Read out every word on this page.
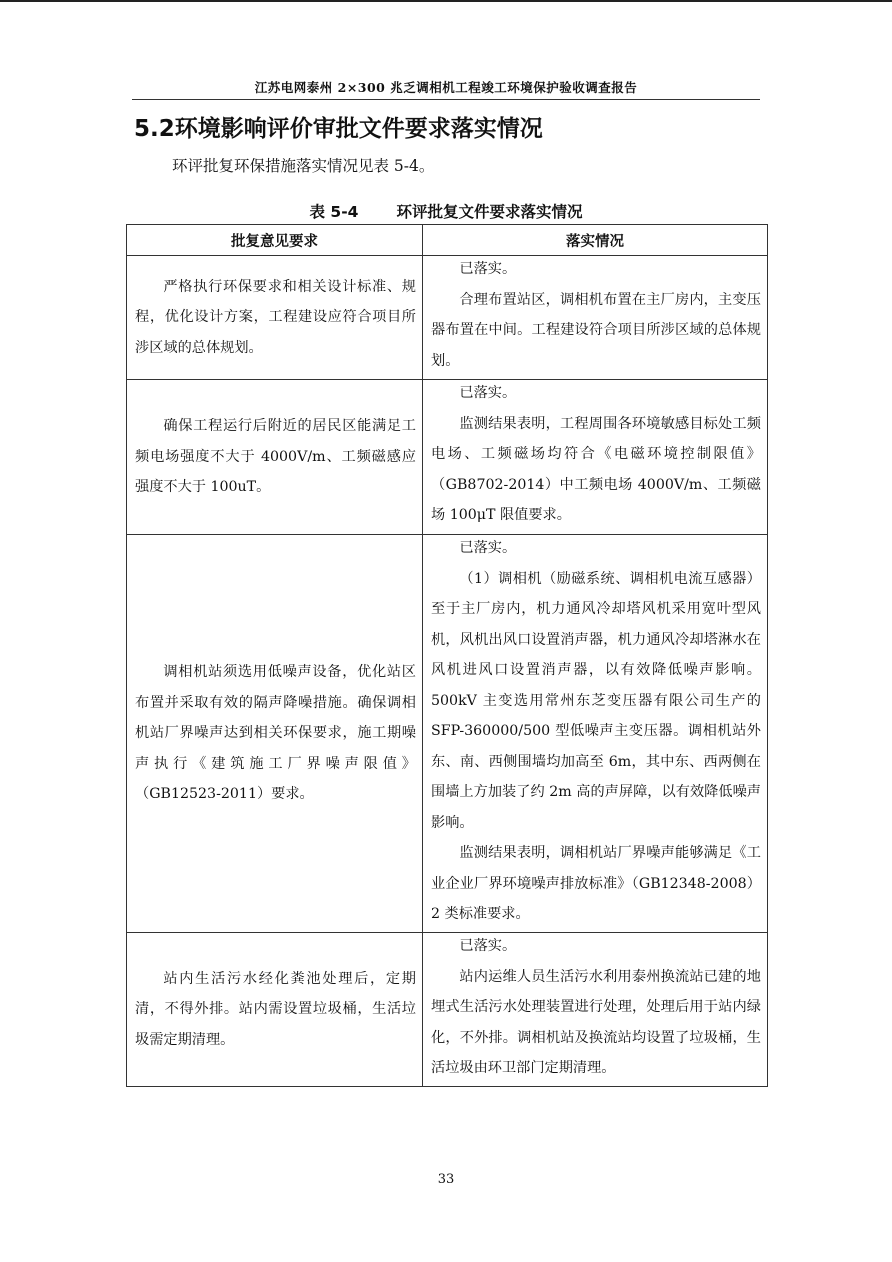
江苏电网泰州 2×300 兆乏调相机工程竣工环境保护验收调查报告
5.2环境影响评价审批文件要求落实情况
环评批复环保措施落实情况见表 5-4。
表 5-4 环评批复文件要求落实情况
批复意见要求	落实情况

严格执行环保要求和相关设计标准、规程，优化设计方案，工程建设应符合项目所涉区域的总体规划。	已落实。

合理布置站区，调相机布置在主厂房内，主变压器布置在中间。工程建设符合项目所涉区域的总体规划。

确保工程运行后附近的居民区能满足工频电场强度不大于 4000V/m、工频磁感应强度不大于 100uT。	已落实。

监测结果表明，工程周围各环境敏感目标处工频电场、工频磁场均符合《电磁环境控制限值》（GB8702-2014）中工频电场 4000V/m、工频磁场 100μT 限值要求。

调相机站须选用低噪声设备，优化站区布置并采取有效的隔声降噪措施。确保调相机站厂界噪声达到相关环保要求，施工期噪声执行《建筑施工厂界噪声限值》（GB12523-2011）要求。	已落实。

（1）调相机（励磁系统、调相机电流互感器）至于主厂房内，机力通风冷却塔风机采用宽叶型风机，风机出风口设置消声器，机力通风冷却塔淋水在风机进风口设置消声器，以有效降低噪声影响。500kV 主变选用常州东芝变压器有限公司生产的 SFP-360000/500 型低噪声主变压器。调相机站外东、南、西侧围墙均加高至 6m，其中东、西两侧在围墙上方加装了约 2m 高的声屏障，以有效降低噪声影响。

监测结果表明，调相机站厂界噪声能够满足《工业企业厂界环境噪声排放标准》（GB12348-2008）2 类标准要求。

站内生活污水经化粪池处理后，定期清，不得外排。站内需设置垃圾桶，生活垃圾需定期清理。	已落实。

站内运维人员生活污水利用泰州换流站已建的地埋式生活污水处理装置进行处理，处理后用于站内绿化，不外排。调相机站及换流站均设置了垃圾桶，生活垃圾由环卫部门定期清理。

33
